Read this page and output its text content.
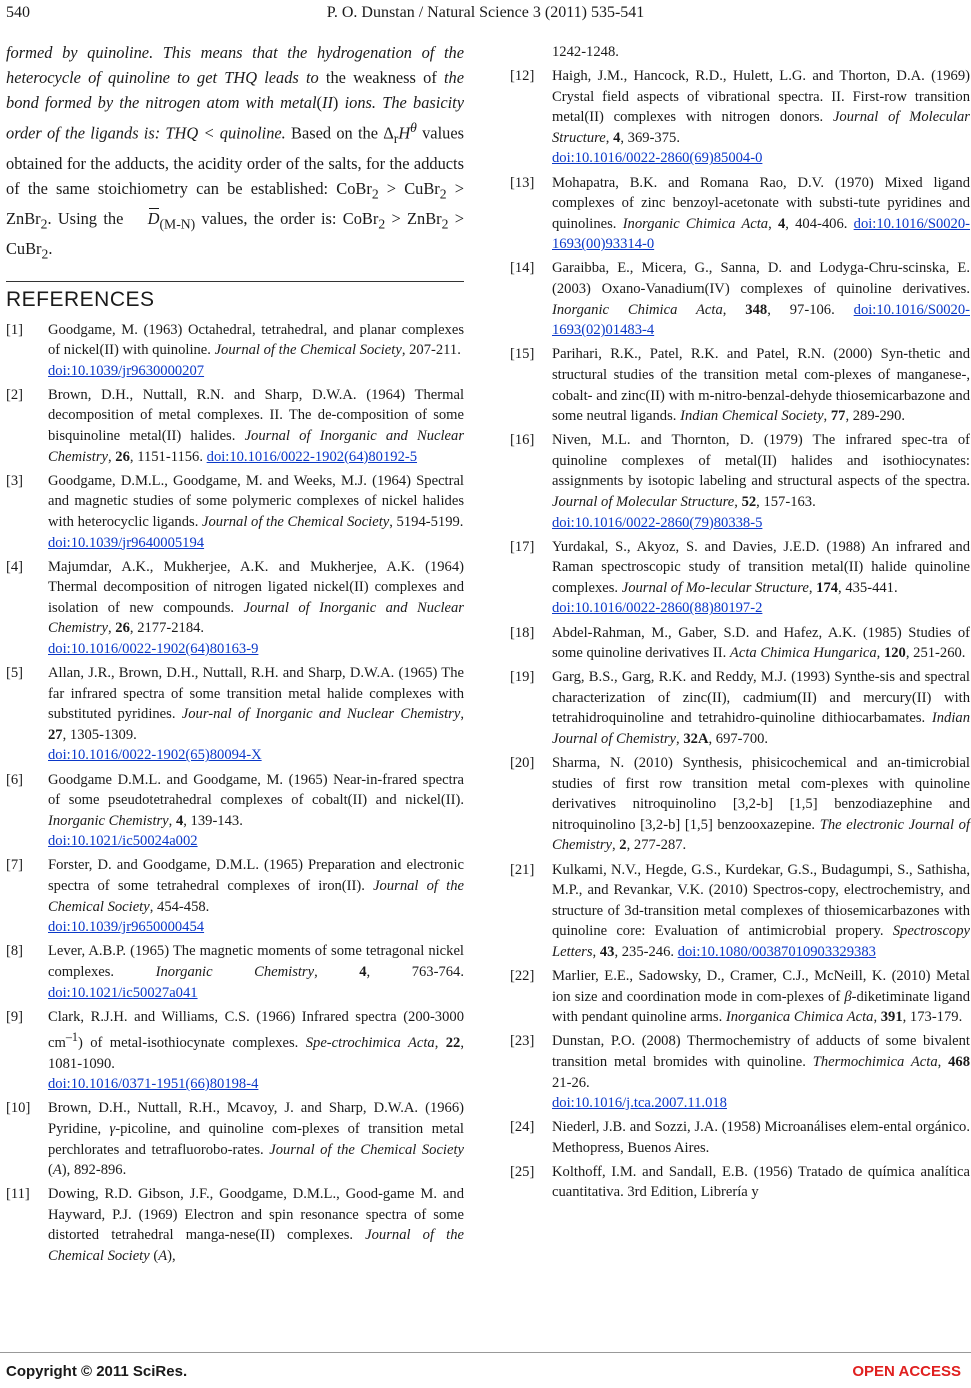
540	P. O. Dunstan / Natural Science 3 (2011) 535-541

formed by quinoline. This means that the hydrogenation of the heterocycle of quinoline to get THQ leads to the weakness of the bond formed by the nitrogen atom with metal(II) ions. The basicity order of the ligands is: THQ < quinoline. Based on the $\Delta_rH^\theta$ values obtained for the adducts, the acidity order of the salts, for the adducts of the same stoichiometry can be established: CoBr$_2$ > CuBr$_2$ > ZnBr$_2$. Using the $D_{(M-N)}$ values, the order is: CoBr$_2$ > ZnBr$_2$ > CuBr$_2$.

REFERENCES
[1] Goodgame, M. (1963) Octahedral, tetrahedral, and planar complexes of nickel(II) with quinoline. Journal of the Chemical Society, 207-211.
doi:10.1039/jr9630000207
[2] Brown, D.H., Nuttall, R.N. and Sharp, D.W.A. (1964) Thermal decomposition of metal complexes. II. The de-composition of some bisquinoline metal(II) halides. Journal of Inorganic and Nuclear Chemistry, 26, 1151-1156. doi:10.1016/0022-1902(64)80192-5
[3] Goodgame, D.M.L., Goodgame, M. and Weeks, M.J. (1964) Spectral and magnetic studies of some polymeric complexes of nickel halides with heterocyclic ligands. Journal of the Chemical Society, 5194-5199.
doi:10.1039/jr9640005194
[4] Majumdar, A.K., Mukherjee, A.K. and Mukherjee, A.K. (1964) Thermal decomposition of nitrogen ligated nickel(II) complexes and isolation of new compounds. Journal of Inorganic and Nuclear Chemistry, 26, 2177-2184.
doi:10.1016/0022-1902(64)80163-9
[5] Allan, J.R., Brown, D.H., Nuttall, R.H. and Sharp, D.W.A. (1965) The far infrared spectra of some transition metal halide complexes with substituted pyridines. Jour-nal of Inorganic and Nuclear Chemistry, 27, 1305-1309.
doi:10.1016/0022-1902(65)80094-X
[6] Goodgame D.M.L. and Goodgame, M. (1965) Near-in-frared spectra of some pseudotetrahedral complexes of cobalt(II) and nickel(II). Inorganic Chemistry, 4, 139-143.
doi:10.1021/ic50024a002
[7] Forster, D. and Goodgame, D.M.L. (1965) Preparation and electronic spectra of some tetrahedral complexes of iron(II). Journal of the Chemical Society, 454-458.
doi:10.1039/jr9650000454
[8] Lever, A.B.P. (1965) The magnetic moments of some tetragonal nickel complexes. Inorganic Chemistry, 4, 763-764. doi:10.1021/ic50027a041
[9] Clark, R.J.H. and Williams, C.S. (1966) Infrared spectra (200-3000 $cm^{-1}$) of metal-isothiocynate complexes. Spe-ctrochimica Acta, 22, 1081-1090.
doi:10.1016/0371-1951(66)80198-4
[10] Brown, D.H., Nuttall, R.H., Mcavoy, J. and Sharp, D.W.A. (1966) Pyridine, γ-picoline, and quinoline com-plexes of transition metal perchlorates and tetrafluorobo-rates. Journal of the Chemical Society (A), 892-896.
[11] Dowing, R.D. Gibson, J.F., Goodgame, D.M.L., Good-game M. and Hayward, P.J. (1969) Electron and spin resonance spectra of some distorted tetrahedral manga-nese(II) complexes. Journal of the Chemical Society (A),
1242-1248.
[12] Haigh, J.M., Hancock, R.D., Hulett, L.G. and Thorton, D.A. (1969) Crystal field aspects of vibrational spectra. II. First-row transition metal(II) complexes with nitrogen donors. Journal of Molecular Structure, 4, 369-375.
doi:10.1016/0022-2860(69)85004-0
[13] Mohapatra, B.K. and Romana Rao, D.V. (1970) Mixed ligand complexes of zinc benzoyl-acetonate with substi-tute pyridines and quinolines. Inorganic Chimica Acta, 4, 404-406. doi:10.1016/S0020-1693(00)93314-0
[14] Garaibba, E., Micera, G., Sanna, D. and Lodyga-Chru-scinska, E. (2003) Oxano-Vanadium(IV) complexes of quinoline derivatives. Inorganic Chimica Acta, 348, 97-106. doi:10.1016/S0020-1693(02)01483-4
[15] Parihari, R.K., Patel, R.K. and Patel, R.N. (2000) Syn-thetic and structural studies of the transition metal com-plexes of manganese-, cobalt- and zinc(II) with m-nitro-benzal-dehyde thiosemicarbazone and some neutral ligands. Indian Chemical Society, 77, 289-290.
[16] Niven, M.L. and Thornton, D. (1979) The infrared spec-tra of quinoline complexes of metal(II) halides and isothiocynates: assignments by isotopic labeling and structural aspects of the spectra. Journal of Molecular Structure, 52, 157-163.
doi:10.1016/0022-2860(79)80338-5
[17] Yurdakal, S., Akyoz, S. and Davies, J.E.D. (1988) An infrared and Raman spectroscopic study of transition metal(II) halide quinoline complexes. Journal of Mo-lecular Structure, 174, 435-441.
doi:10.1016/0022-2860(88)80197-2
[18] Abdel-Rahman, M., Gaber, S.D. and Hafez, A.K. (1985) Studies of some quinoline derivatives II. Acta Chimica Hungarica, 120, 251-260.
[19] Garg, B.S., Garg, R.K. and Reddy, M.J. (1993) Synthe-sis and spectral characterization of zinc(II), cadmium(II) and mercury(II) with tetrahidroquinoline and tetrahidro-quinoline dithiocarbamates. Indian Journal of Chemistry, 32A, 697-700.
[20] Sharma, N. (2010) Synthesis, phisicochemical and an-timicrobial studies of first row transition metal com-plexes with quinoline derivatives nitroquinolino [3,2-b] [1,5] benzodiazephine and nitroquinolino [3,2-b] [1,5] benzooxazepine. The electronic Journal of Chemistry, 2, 277-287.
[21] Kulkami, N.V., Hegde, G.S., Kurdekar, G.S., Budagumpi, S., Sathisha, M.P., and Revankar, V.K. (2010) Spectros-copy, electrochemistry, and structure of 3d-transition metal complexes of thiosemicarbazones with quinoline core: Evaluation of antimicrobial propery. Spectroscopy Letters, 43, 235-246. doi:10.1080/00387010903329383
[22] Marlier, E.E., Sadowsky, D., Cramer, C.J., McNeill, K. (2010) Metal ion size and coordination mode in com-plexes of β-diketiminate ligand with pendant quinoline arms. Inorganica Chimica Acta, 391, 173-179.
[23] Dunstan, P.O. (2008) Thermochemistry of adducts of some bivalent transition metal bromides with quinoline. Thermochimica Acta, 468 21-26.
doi:10.1016/j.tca.2007.11.018
[24] Niederl, J.B. and Sozzi, J.A. (1958) Microanálises elem-ental orgánico. Methopress, Buenos Aires.
[25] Kolthoff, I.M. and Sandall, E.B. (1956) Tratado de química analítica cuantitativa. 3rd Edition, Librería y
Copyright © 2011 SciRes.	OPEN ACCESS
